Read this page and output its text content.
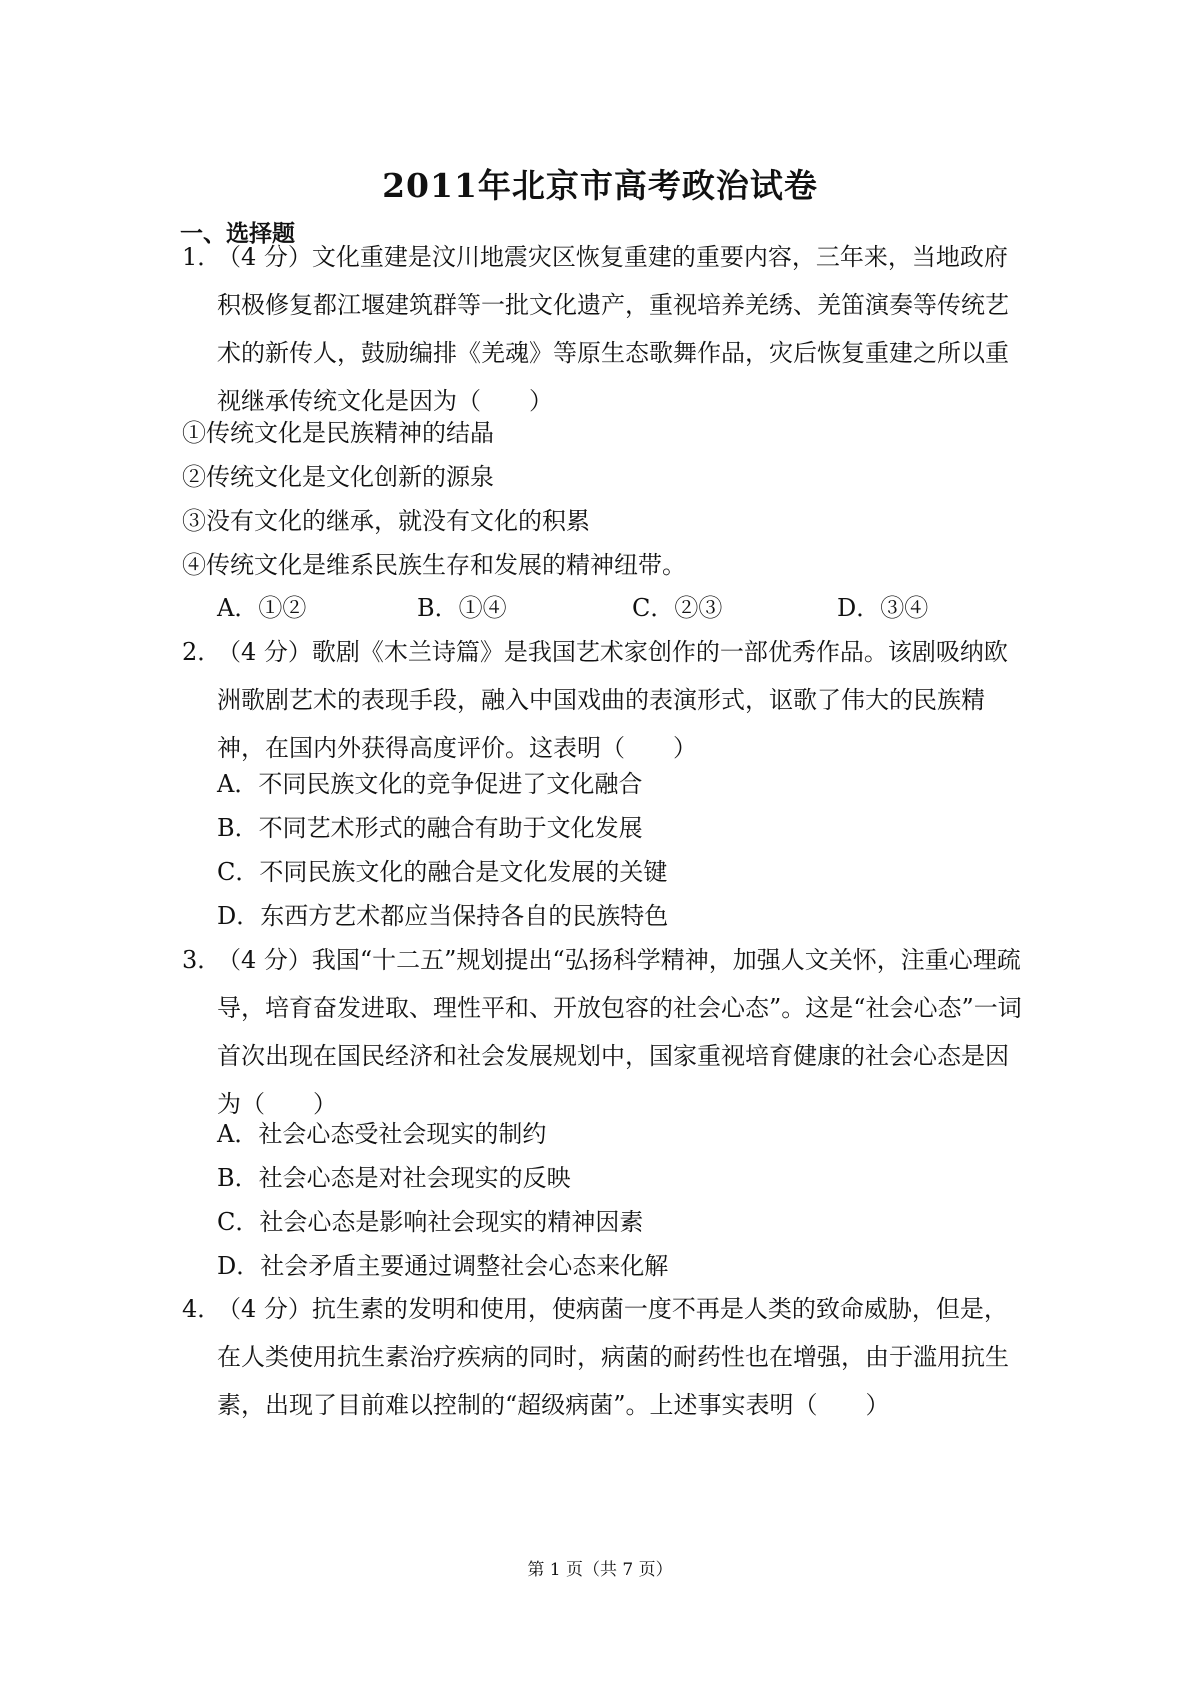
2011年北京市高考政治试卷
一、选择题
1．
（4 分）文化重建是汶川地震灾区恢复重建的重要内容，三年来，当地政府积极修复都江堰建筑群等一批文化遗产，重视培养羌绣、羌笛演奏等传统艺术的新传人，鼓励编排《羌魂》等原生态歌舞作品，灾后恢复重建之所以重视继承传统文化是因为（　　）
①传统文化是民族精神的结晶
②传统文化是文化创新的源泉
③没有文化的继承，就没有文化的积累
④传统文化是维系民族生存和发展的精神纽带。
A．①②	B．①④	C．②③	D．③④
2．
（4 分）歌剧《木兰诗篇》是我国艺术家创作的一部优秀作品。该剧吸纳欧洲歌剧艺术的表现手段，融入中国戏曲的表演形式，讴歌了伟大的民族精神，在国内外获得高度评价。这表明（　　）
A．不同民族文化的竞争促进了文化融合
B．不同艺术形式的融合有助于文化发展
C．不同民族文化的融合是文化发展的关键
D．东西方艺术都应当保持各自的民族特色
3．
（4 分）我国“十二五”规划提出“弘扬科学精神，加强人文关怀，注重心理疏导，培育奋发进取、理性平和、开放包容的社会心态”。这是“社会心态”一词首次出现在国民经济和社会发展规划中，国家重视培育健康的社会心态是因为（　　）
A．社会心态受社会现实的制约
B．社会心态是对社会现实的反映
C．社会心态是影响社会现实的精神因素
D．社会矛盾主要通过调整社会心态来化解
4．
（4 分）抗生素的发明和使用，使病菌一度不再是人类的致命威胁，但是，在人类使用抗生素治疗疾病的同时，病菌的耐药性也在增强，由于滥用抗生素，出现了目前难以控制的“超级病菌”。上述事实表明（　　）
第 1 页（共 7 页）
